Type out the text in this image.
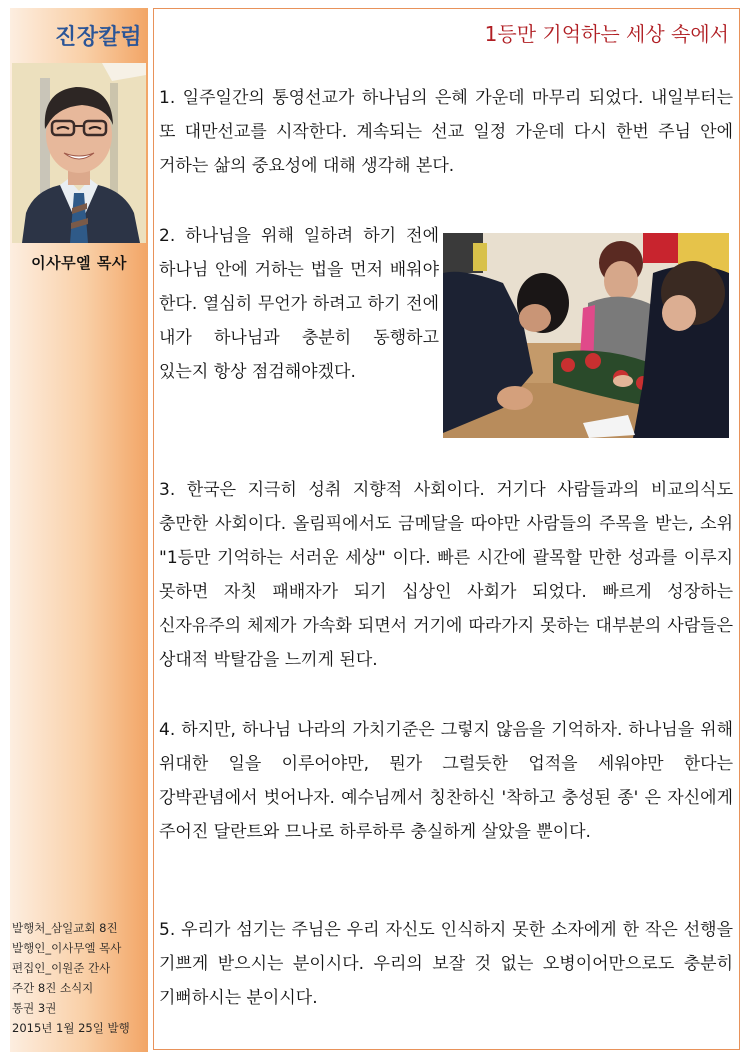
진장칼럼
이사무엘 목사
발행처_삼일교회 8진
발행인_이사무엘 목사
편집인_이원준 간사
주간 8진 소식지
통권 3권
2015년 1월 25일 발행
1등만 기억하는 세상 속에서

1. 일주일간의 통영선교가 하나님의 은혜 가운데 마무리 되었다. 내일부터는 또 대만선교를 시작한다. 계속되는 선교 일정 가운데 다시 한번 주님 안에 거하는 삶의 중요성에 대해 생각해 본다.

2. 하나님을 위해 일하려 하기 전에 하나님 안에 거하는 법을 먼저 배워야 한다. 열심히 무언가 하려고 하기 전에 내가 하나님과 충분히 동행하고 있는지 항상 점검해야겠다.

3. 한국은 지극히 성취 지향적 사회이다. 거기다 사람들과의 비교의식도 충만한 사회이다. 올림픽에서도 금메달을 따야만 사람들의 주목을 받는, 소위 "1등만 기억하는 서러운 세상" 이다. 빠른 시간에 괄목할 만한 성과를 이루지 못하면 자칫 패배자가 되기 십상인 사회가 되었다. 빠르게 성장하는 신자유주의 체제가 가속화 되면서 거기에 따라가지 못하는 대부분의 사람들은 상대적 박탈감을 느끼게 된다.

4. 하지만, 하나님 나라의 가치기준은 그렇지 않음을 기억하자. 하나님을 위해 위대한 일을 이루어야만, 뭔가 그럴듯한 업적을 세워야만 한다는 강박관념에서 벗어나자. 예수님께서 칭찬하신 '착하고 충성된 종' 은 자신에게 주어진 달란트와 므나로 하루하루 충실하게 살았을 뿐이다.

5. 우리가 섬기는 주님은 우리 자신도 인식하지 못한 소자에게 한 작은 선행을 기쁘게 받으시는 분이시다. 우리의 보잘 것 없는 오병이어만으로도 충분히 기뻐하시는 분이시다.
